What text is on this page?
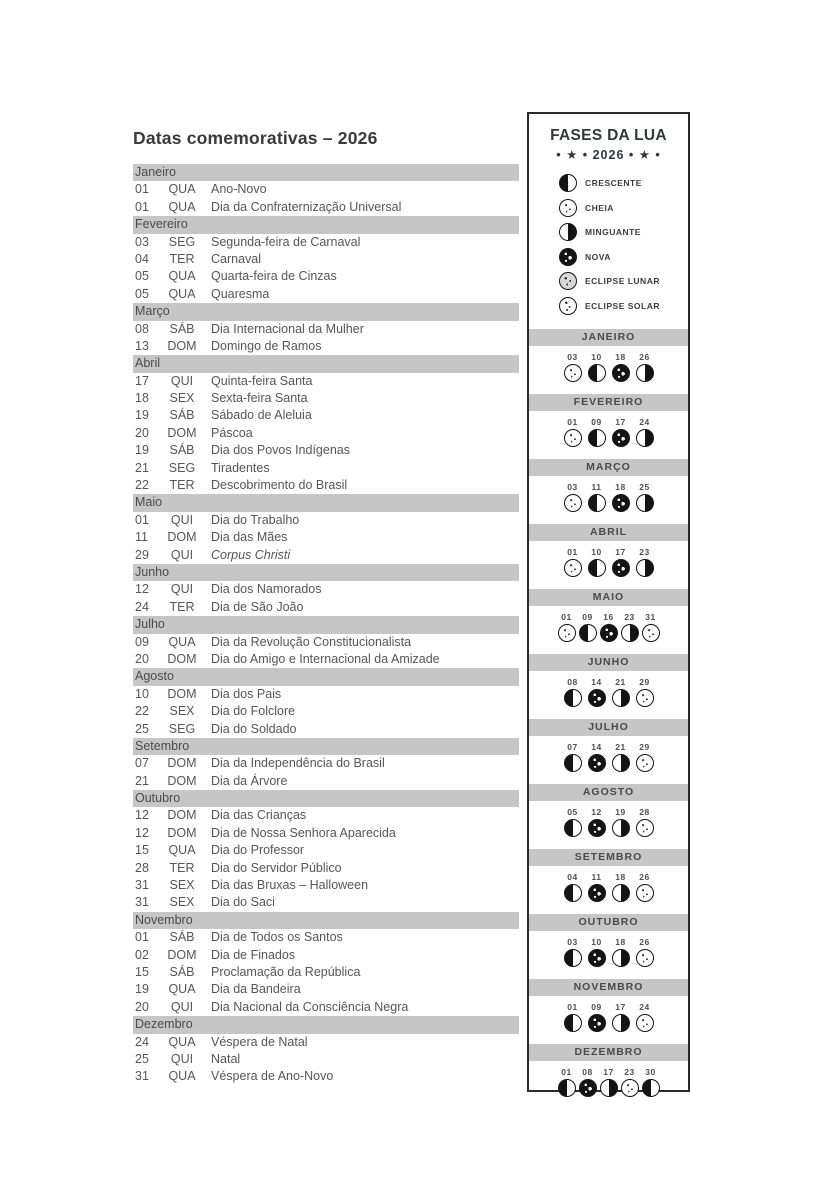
Datas comemorativas – 2026
Janeiro
01	QUA	Ano-Novo
01	QUA	Dia da Confraternização Universal
Fevereiro
03	SEG	Segunda-feira de Carnaval
04	TER	Carnaval
05	QUA	Quarta-feira de Cinzas
05	QUA	Quaresma
Março
08	SÁB	Dia Internacional da Mulher
13	DOM	Domingo de Ramos
Abril
17	QUI	Quinta-feira Santa
18	SEX	Sexta-feira Santa
19	SÁB	Sábado de Aleluia
20	DOM	Páscoa
19	SÁB	Dia dos Povos Indígenas
21	SEG	Tiradentes
22	TER	Descobrimento do Brasil
Maio
01	QUI	Dia do Trabalho
11	DOM	Dia das Mães
29	QUI	Corpus Christi
Junho
12	QUI	Dia dos Namorados
24	TER	Dia de São João
Julho
09	QUA	Dia da Revolução Constitucionalista
20	DOM	Dia do Amigo e Internacional da Amizade
Agosto
10	DOM	Dia dos Pais
22	SEX	Dia do Folclore
25	SEG	Dia do Soldado
Setembro
07	DOM	Dia da Independência do Brasil
21	DOM	Dia da Árvore
Outubro
12	DOM	Dia das Crianças
12	DOM	Dia de Nossa Senhora Aparecida
15	QUA	Dia do Professor
28	TER	Dia do Servidor Público
31	SEX	Dia das Bruxas – Halloween
31	SEX	Dia do Saci
Novembro
01	SÁB	Dia de Todos os Santos
02	DOM	Dia de Finados
15	SÁB	Proclamação da República
19	QUA	Dia da Bandeira
20	QUI	Dia Nacional da Consciência Negra
Dezembro
24	QUA	Véspera de Natal
25	QUI	Natal
31	QUA	Véspera de Ano-Novo
FASES DA LUA
• ★ • 2026 • ★ •
CRESCENTE
CHEIA
MINGUANTE
NOVA
ECLIPSE LUNAR
ECLIPSE SOLAR
JANEIRO
03 10 18 26
FEVEREIRO
01 09 17 24
MARÇO
03 11 18 25
ABRIL
01 10 17 23
MAIO
01 09 16 23 31
JUNHO
08 14 21 29
JULHO
07 14 21 29
AGOSTO
05 12 19 28
SETEMBRO
04 11 18 26
OUTUBRO
03 10 18 26
NOVEMBRO
01 09 17 24
DEZEMBRO
01 08 17 23 30
